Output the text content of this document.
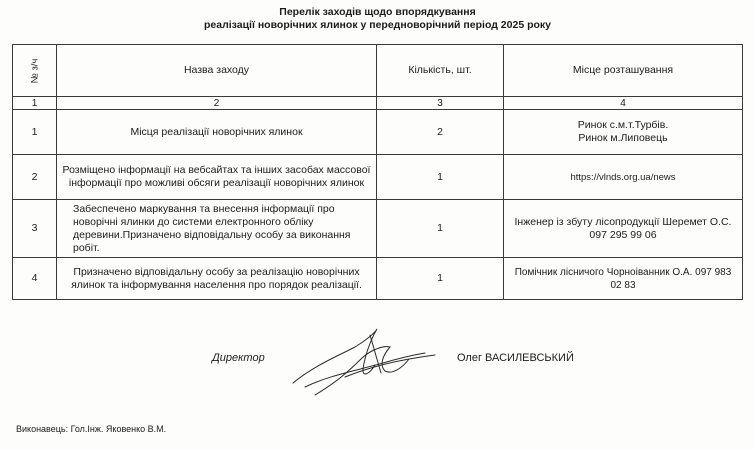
Перелік заходів щодо впорядкування
реалізації новорічних ялинок у передноворічний період 2025 року
№ з/ч	Назва заходу	Кількість, шт.	Місце розташування
1	2	3	4
1	Місця реалізації новорічних ялинок	2	Ринок с.м.т.Турбів.
Ринок м.Липовець

2	Розміщено інформації на вебсайтах та інших засобах массової інформації про можливі обсяги реалізації новорічних ялинок	1	https://vlnds.org.ua/news

3	Забеспечено маркування та внесення інформації про новорічні ялинки до системи електронного обліку деревини.Призначено відповідальну особу за виконання робіт.	1	Інженер із збуту лісопродукції Шеремет О.С.
097 295 99 06

4	Призначено відповідальну особу за реалізацію новорічних ялинок та інформування населення про порядок реалізації.	1	Помічник лісничого Чорноіванник О.А. 097 983 02 83
Директор	Олег ВАСИЛЕВСЬКИЙ
Виконавець: Гол.Інж. Яковенко В.М.
